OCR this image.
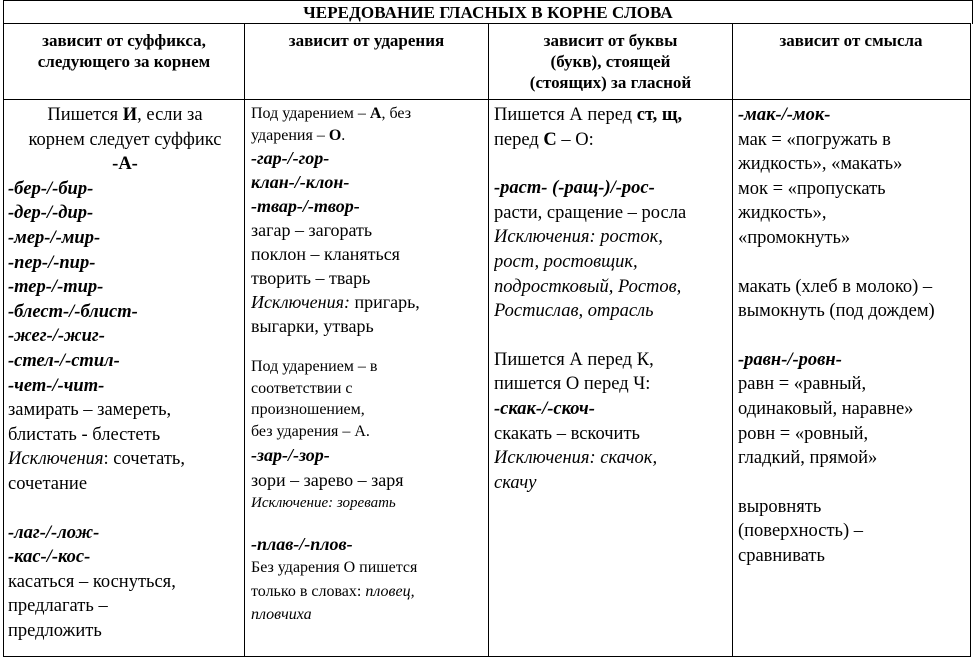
ЧЕРЕДОВАНИЕ ГЛАСНЫХ В КОРНЕ СЛОВА
зависит от суффикса,
следующего за корнем
зависит от ударения	зависит от буквы
(букв), стоящей
(стоящих) за гласной
зависит от смысла
Пишется И, если за
корнем следует суффикс
-А-
-бер-/-бир-
-дер-/-дир-
-мер-/-мир-
-пер-/-пир-
-тер-/-тир-
-блест-/-блист-
-жег-/-жиг-
-стел-/-стил-
-чет-/-чит-
замирать – замереть,
блистать - блестеть
Исключения: сочетать,
сочетание
-лаг-/-лож-
-кас-/-кос-
касаться – коснуться,
предлагать –
предложить
Под ударением – А, без
ударения – О.
-гар-/-гор-
клан-/-клон-
-твар-/-твор-
загар – загорать
поклон – кланяться
творить – тварь
Исключения: пригарь,
выгарки, утварь
Под ударением – в
соответствии с
произношением,
без ударения – А.
-зар-/-зор-
зори – зарево – заря
Исключение: зоревать
-плав-/-плов-
Без ударения О пишется
только в словах: пловец,
пловчиха
Пишется А перед ст, щ,
перед С – О:
-раст- (-ращ-)/-рос-
расти, сращение – росла
Исключения: росток,
рост, ростовщик,
подростковый, Ростов,
Ростислав, отрасль
Пишется А перед К,
пишется О перед Ч:
-скак-/-скоч-
скакать – вскочить
Исключения: скачок,
скачу
-мак-/-мок-
мак = «погружать в
жидкость», «макать»
мок = «пропускать
жидкость»,
«промокнуть»
макать (хлеб в молоко) –
вымокнуть (под дождем)
-равн-/-ровн-
равн = «равный,
одинаковый, наравне»
ровн = «ровный,
гладкий, прямой»
выровнять
(поверхность) –
сравнивать
